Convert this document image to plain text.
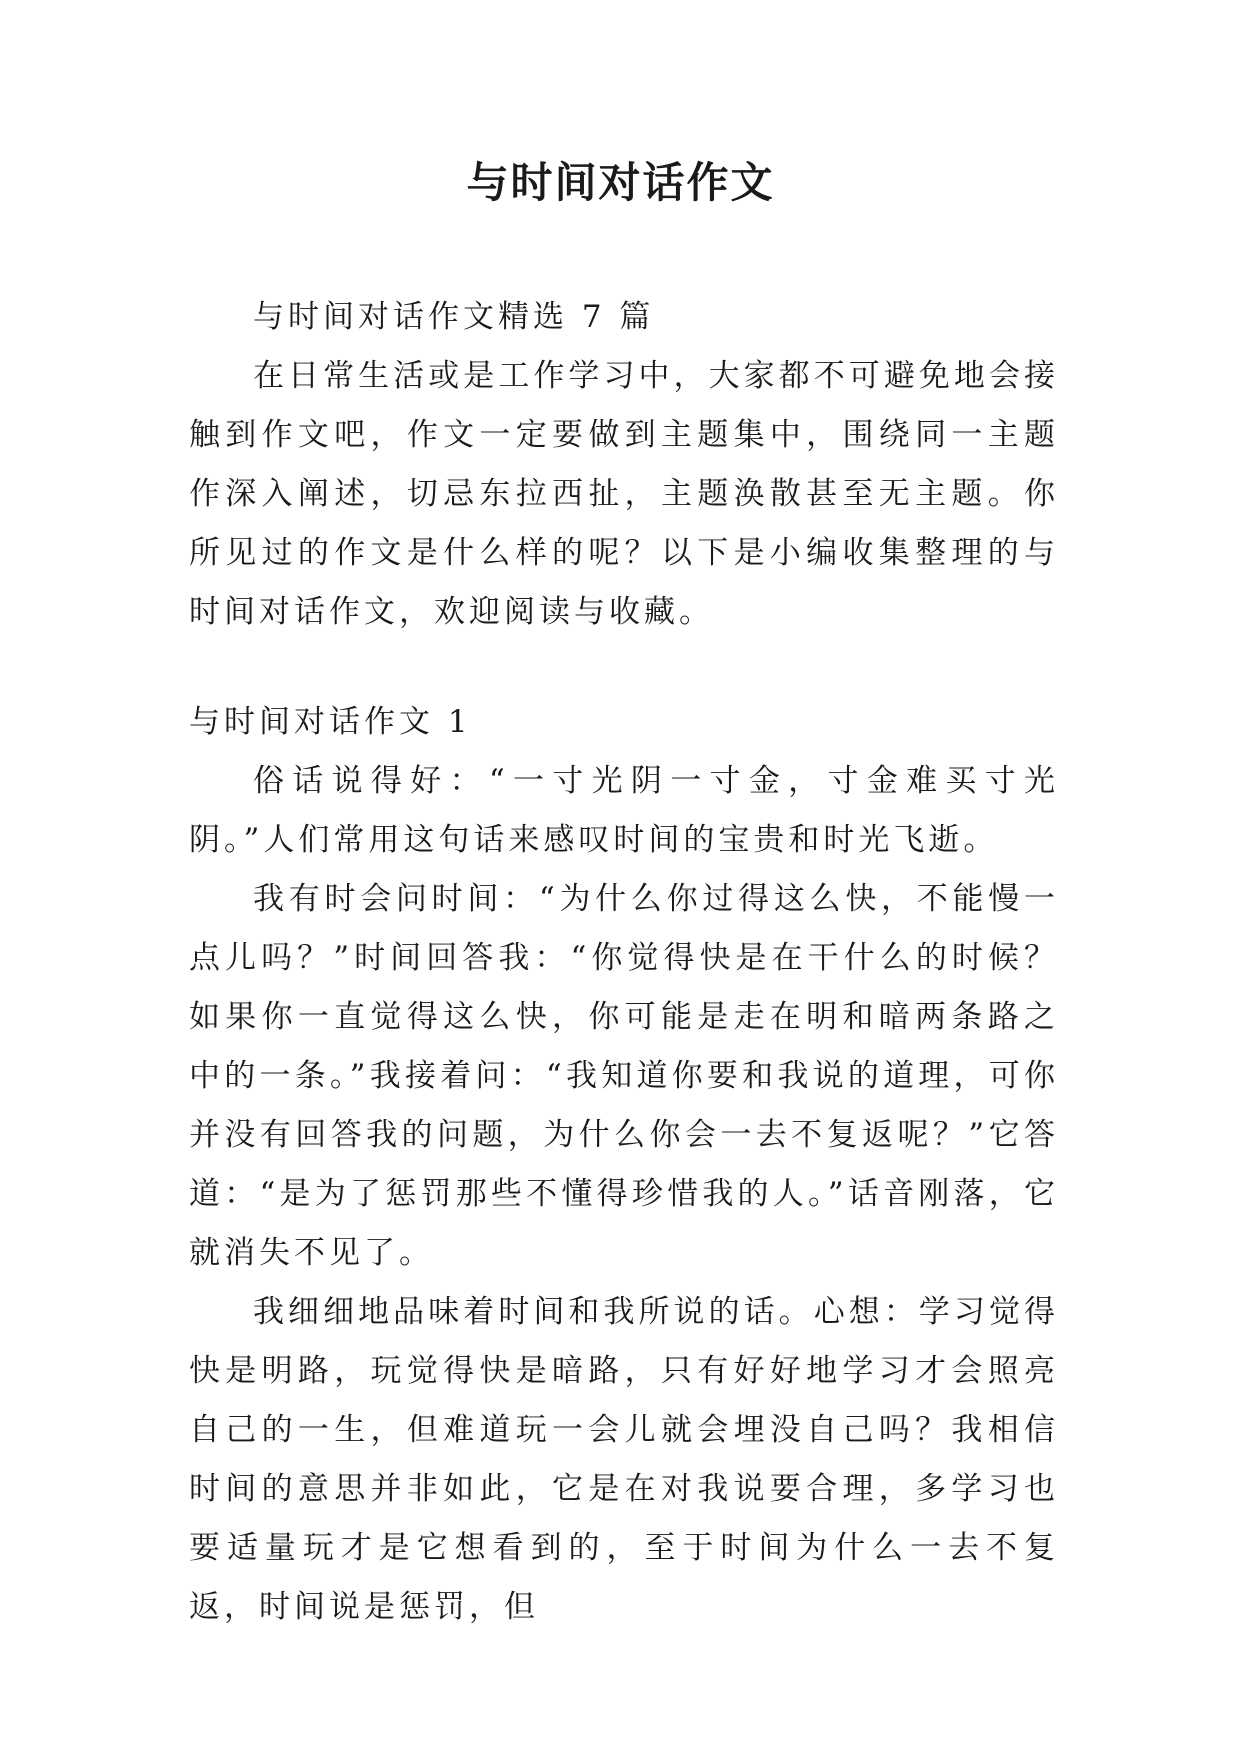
与时间对话作文

与时间对话作文精选 7 篇

在日常生活或是工作学习中，大家都不可避免地会接触到作文吧，作文一定要做到主题集中，围绕同一主题作深入阐述，切忌东拉西扯，主题涣散甚至无主题。你所见过的作文是什么样的呢？以下是小编收集整理的与时间对话作文，欢迎阅读与收藏。

与时间对话作文 1

俗话说得好：“一寸光阴一寸金，寸金难买寸光阴。”人们常用这句话来感叹时间的宝贵和时光飞逝。

我有时会问时间：“为什么你过得这么快，不能慢一点儿吗？”时间回答我：“你觉得快是在干什么的时候？如果你一直觉得这么快，你可能是走在明和暗两条路之中的一条。”我接着问：“我知道你要和我说的道理，可你并没有回答我的问题，为什么你会一去不复返呢？”它答道：“是为了惩罚那些不懂得珍惜我的人。”话音刚落，它就消失不见了。

我细细地品味着时间和我所说的话。心想：学习觉得快是明路，玩觉得快是暗路，只有好好地学习才会照亮自己的一生，但难道玩一会儿就会埋没自己吗？我相信时间的意思并非如此，它是在对我说要合理，多学习也要适量玩才是它想看到的，至于时间为什么一去不复返，时间说是惩罚，但
